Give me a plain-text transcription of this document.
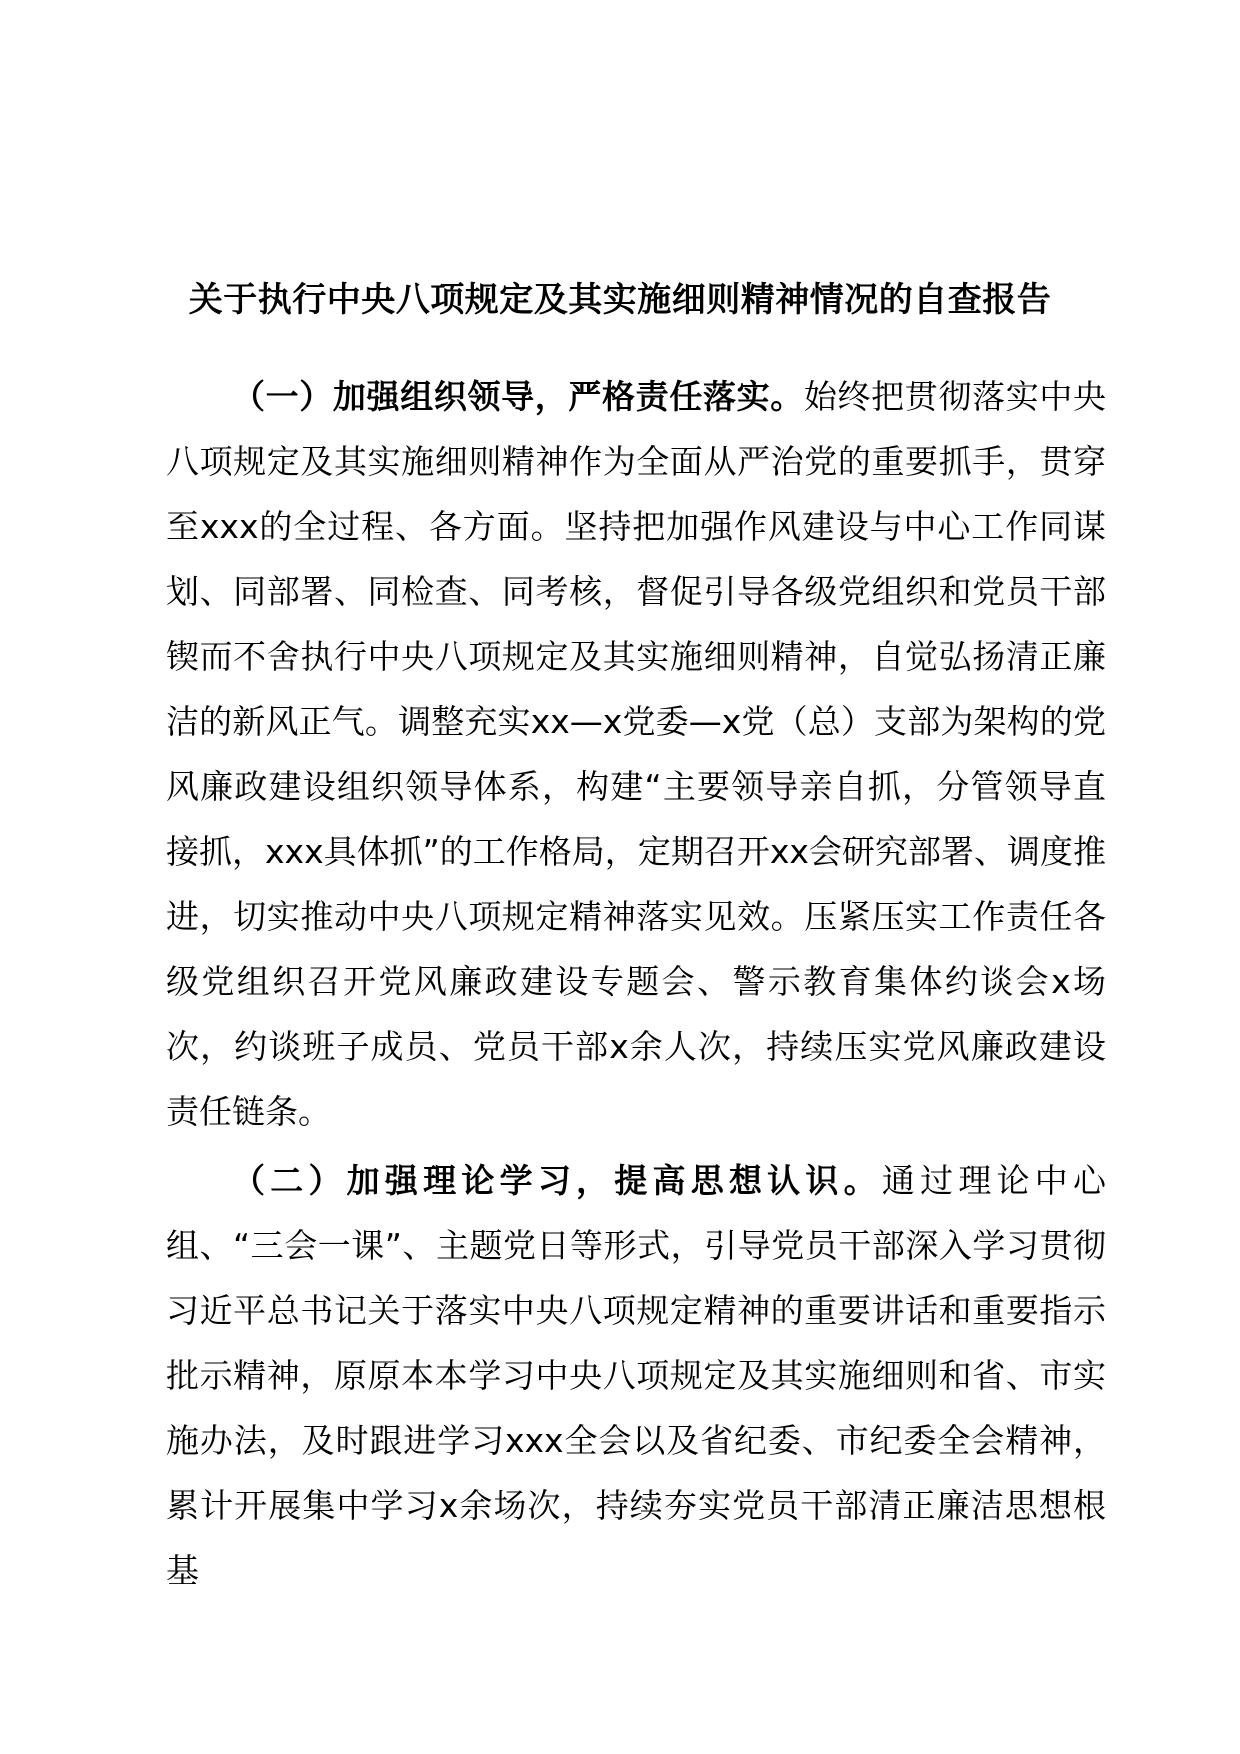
关于执行中央八项规定及其实施细则精神情况的自查报告

（一）加强组织领导，严格责任落实。始终把贯彻落实中央八项规定及其实施细则精神作为全面从严治党的重要抓手，贯穿至xxx的全过程、各方面。坚持把加强作风建设与中心工作同谋划、同部署、同检查、同考核，督促引导各级党组织和党员干部锲而不舍执行中央八项规定及其实施细则精神，自觉弘扬清正廉洁的新风正气。调整充实xx—x党委—x党（总）支部为架构的党风廉政建设组织领导体系，构建“主要领导亲自抓，分管领导直接抓，xxx具体抓”的工作格局，定期召开xx会研究部署、调度推进，切实推动中央八项规定精神落实见效。压紧压实工作责任各级党组织召开党风廉政建设专题会、警示教育集体约谈会x场次，约谈班子成员、党员干部x余人次，持续压实党风廉政建设责任链条。

（二）加强理论学习，提高思想认识。通过理论中心组、“三会一课”、主题党日等形式，引导党员干部深入学习贯彻习近平总书记关于落实中央八项规定精神的重要讲话和重要指示批示精神，原原本本学习中央八项规定及其实施细则和省、市实施办法，及时跟进学习xxx全会以及省纪委、市纪委全会精神，累计开展集中学习x余场次，持续夯实党员干部清正廉洁思想根基
